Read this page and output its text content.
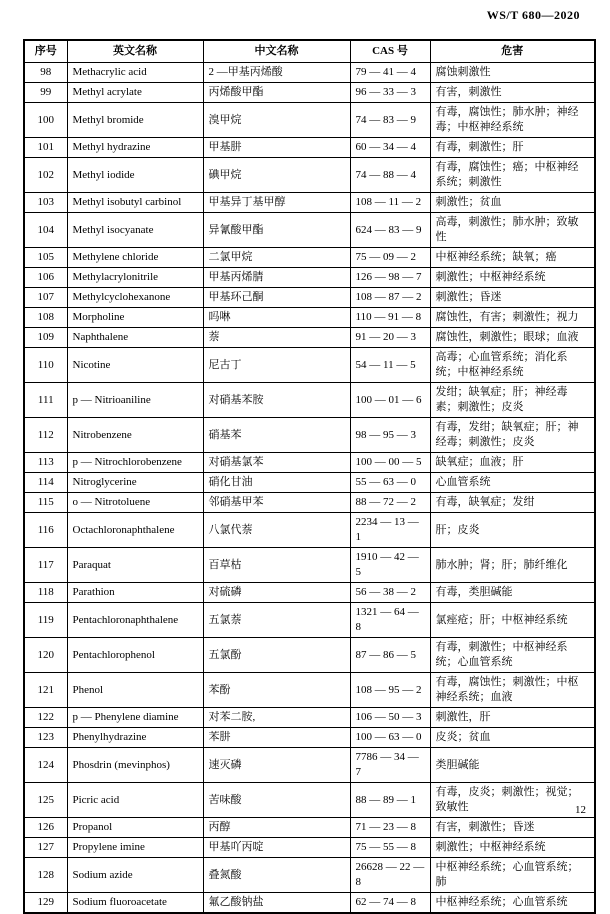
WS/T 680—2020
序号	英文名称	中文名称	CAS 号	危害
98	Methacrylic acid	2 —甲基丙烯酸	79 — 41 — 4	腐蚀刺激性
99	Methyl acrylate	丙烯酸甲酯	96 — 33 — 3	有害，刺激性
100	Methyl bromide	溴甲烷	74 — 83 — 9	有毒，腐蚀性；肺水肿；神经毒；中枢神经系统
101	Methyl hydrazine	甲基肼	60 — 34 — 4	有毒，刺激性；肝
102	Methyl iodide	碘甲烷	74 — 88 — 4	有毒，腐蚀性；癌；中枢神经系统；刺激性
103	Methyl isobutyl carbinol	甲基异丁基甲醇	108 — 11 — 2	刺激性；贫血
104	Methyl isocyanate	异氰酸甲酯	624 — 83 — 9	高毒，刺激性；肺水肿；致敏性
105	Methylene chloride	二氯甲烷	75 — 09 — 2	中枢神经系统；缺氧；癌
106	Methylacrylonitrile	甲基丙烯腈	126 — 98 — 7	刺激性；中枢神经系统
107	Methylcyclohexanone	甲基环己酮	108 — 87 — 2	刺激性；昏迷
108	Morpholine	吗啉	110 — 91 — 8	腐蚀性，有害；刺激性；视力
109	Naphthalene	萘	91 — 20 — 3	腐蚀性，刺激性；眼球；血液
110	Nicotine	尼古丁	54 — 11 — 5	高毒；心血管系统；消化系统；中枢神经系统
111	p — Nitrioaniline	对硝基苯胺	100 — 01 — 6	发绀；缺氧症；肝；神经毒素；刺激性；皮炎
112	Nitrobenzene	硝基苯	98 — 95 — 3	有毒，发绀；缺氧症；肝；神经毒；刺激性；皮炎
113	p — Nitrochlorobenzene	对硝基氯苯	100 — 00 — 5	缺氧症；血液；肝
114	Nitroglycerine	硝化甘油	55 — 63 — 0	心血管系统
115	o — Nitrotoluene	邻硝基甲苯	88 — 72 — 2	有毒，缺氧症；发绀
116	Octachloronaphthalene	八氯代萘	2234 — 13 — 1	肝；皮炎
117	Paraquat	百草枯	1910 — 42 — 5	肺水肿；肾；肝；肺纤维化
118	Parathion	对硫磷	56 — 38 — 2	有毒，类胆碱能
119	Pentachloronaphthalene	五氯萘	1321 — 64 — 8	氯痤疮；肝；中枢神经系统
120	Pentachlorophenol	五氯酚	87 — 86 — 5	有毒，刺激性；中枢神经系统；心血管系统
121	Phenol	苯酚	108 — 95 — 2	有毒，腐蚀性；刺激性；中枢神经系统；血液
122	p — Phenylene diamine	对苯二胺,	106 — 50 — 3	刺激性，肝
123	Phenylhydrazine	苯肼	100 — 63 — 0	皮炎；贫血
124	Phosdrin (mevinphos)	速灭磷	7786 — 34 — 7	类胆碱能
125	Picric acid	苦味酸	88 — 89 — 1	有毒，皮炎；刺激性；视觉；致敏性
126	Propanol	丙醇	71 — 23 — 8	有害，刺激性；昏迷
127	Propylene imine	甲基吖丙啶	75 — 55 — 8	刺激性；中枢神经系统
128	Sodium azide	叠氮酸	26628 — 22 — 8	中枢神经系统；心血管系统；肺
129	Sodium fluoroacetate	氟乙酸钠盐	62 — 74 — 8	中枢神经系统；心血管系统
12
